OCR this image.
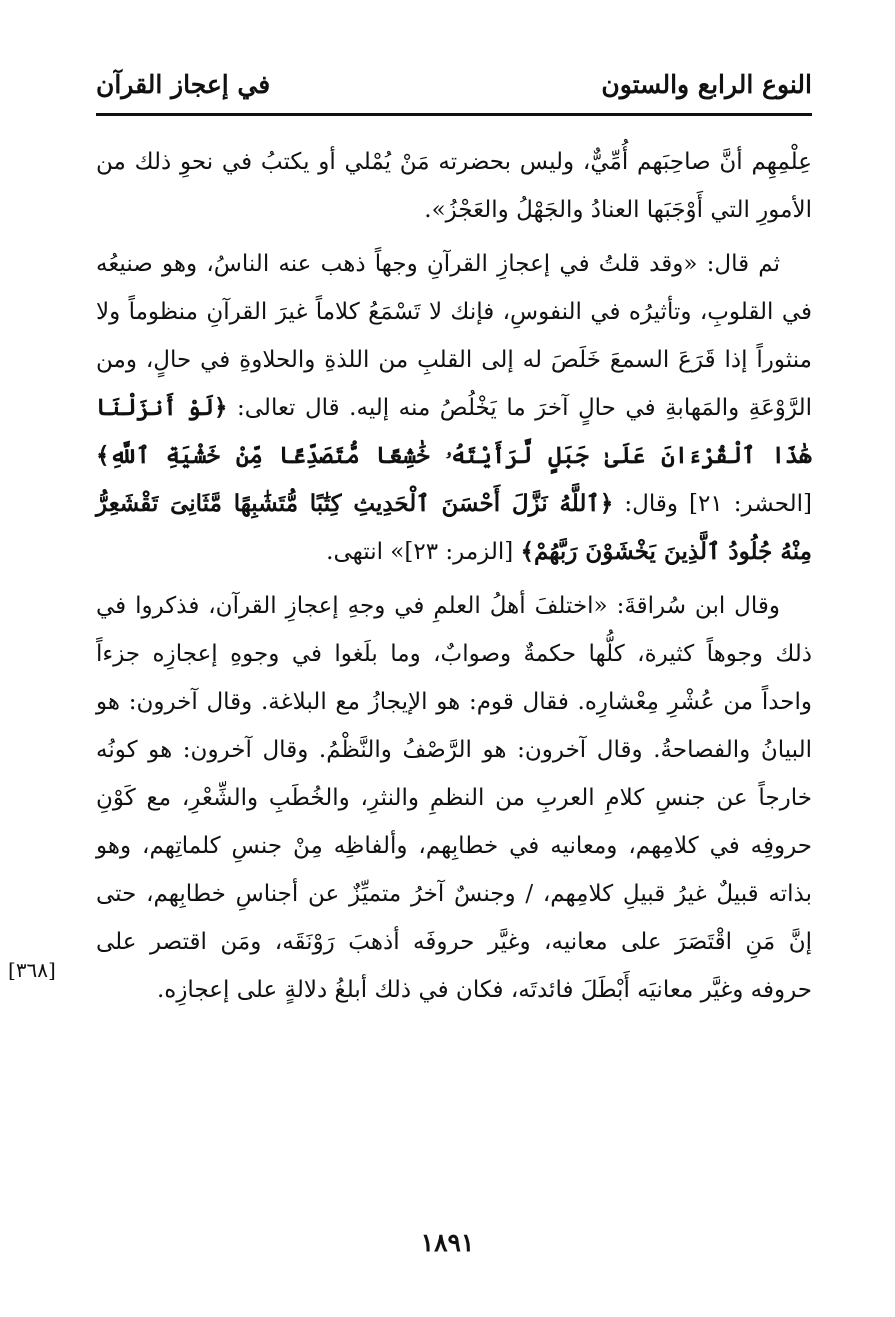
النوع الرابع والستون
في إعجاز القرآن

عِلْمِهِم أنَّ صاحِبَهم أُمِّيٌّ، وليس بحضرته مَنْ يُمْلي أو يكتبُ في نحوِ ذلك من الأمورِ التي أَوْجَبَها العنادُ والجَهْلُ والعَجْزُ».

ثم قال: «وقد قلتُ في إعجازِ القرآنِ وجهاً ذهب عنه الناسُ، وهو صنيعُه في القلوبِ، وتأثيرُه في النفوسِ، فإنك لا تَسْمَعُ كلاماً غيرَ القرآنِ منظوماً ولا منثوراً إذا قَرَعَ السمعَ خَلَصَ له إلى القلبِ من اللذةِ والحلاوةِ في حالٍ، ومن الرَّوْعَةِ والمَهابةِ في حالٍ آخرَ ما يَخْلُصُ منه إليه. قال تعالى: ﴿لَوْ أَنزَلْنَا هَٰذَا ٱلْقُرْءَانَ عَلَىٰ جَبَلٍ لَّرَأَيْتَهُۥ خَٰشِعًا مُّتَصَدِّعًا مِّنْ خَشْيَةِ ٱللَّهِ﴾ [الحشر: ٢١] وقال: ﴿ٱللَّهُ نَزَّلَ أَحْسَنَ ٱلْحَدِيثِ كِتَٰبًا مُّتَشَٰبِهًا مَّثَانِىَ تَقْشَعِرُّ مِنْهُ جُلُودُ ٱلَّذِينَ يَخْشَوْنَ رَبَّهُمْ﴾ [الزمر: ٢٣]» انتهى.

وقال ابن سُراقةَ: «اختلفَ أهلُ العلمِ في وجهِ إعجازِ القرآن، فذكروا في ذلك وجوهاً كثيرة، كلُّها حكمةٌ وصوابٌ، وما بلَغوا في وجوهِ إعجازِه جزءاً واحداً من عُشْرِ مِعْشارِه. فقال قوم: هو الإيجازُ مع البلاغة. وقال آخرون: هو البيانُ والفصاحةُ. وقال آخرون: هو الرَّصْفُ والنَّظْمُ. وقال آخرون: هو كونُه خارجاً عن جنسِ كلامِ العربِ من النظمِ والنثرِ، والخُطَبِ والشِّعْرِ، مع كَوْنِ حروفِه في كلامِهم، ومعانيه في خطابِهم، وألفاظِه مِنْ جنسِ كلماتِهم، وهو بذاته قبيلٌ غيرُ قبيلِ كلامِهم، / وجنسٌ آخرُ متميِّزٌ عن أجناسِ خطابِهم، حتى إنَّ مَنِ اقْتَصَرَ على معانيه، وغيَّر حروفَه أذهبَ رَوْنَقَه، ومَن اقتصر على حروفه وغيَّر معانيَه أَبْطَلَ فائدتَه، فكان في ذلك أبلغُ دلالةٍ على إعجازِه.

[٣٦٨]
١٨٩١
